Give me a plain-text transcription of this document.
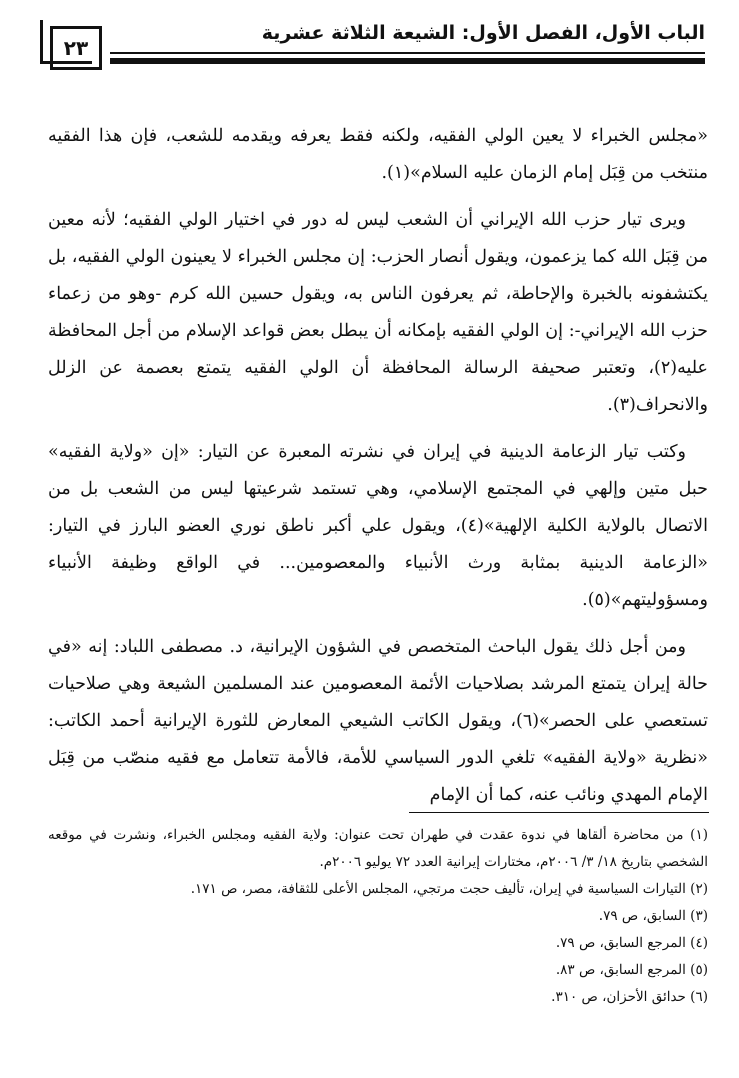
٢٣
الباب الأول، الفصل الأول: الشيعة الثلاثة عشرية

«مجلس الخبراء لا يعين الولي الفقيه، ولكنه فقط يعرفه ويقدمه للشعب، فإن هذا الفقيه منتخب من قِبَل إمام الزمان عليه السلام»(١).

ويرى تيار حزب الله الإيراني أن الشعب ليس له دور في اختيار الولي الفقيه؛ لأنه معين من قِبَل الله كما يزعمون، ويقول أنصار الحزب: إن مجلس الخبراء لا يعينون الولي الفقيه، بل يكتشفونه بالخبرة والإحاطة، ثم يعرفون الناس به، ويقول حسين الله كرم -وهو من زعماء حزب الله الإيراني-: إن الولي الفقيه بإمكانه أن يبطل بعض قواعد الإسلام من أجل المحافظة عليه(٢)، وتعتبر صحيفة الرسالة المحافظة أن الولي الفقيه يتمتع بعصمة عن الزلل والانحراف(٣).

وكتب تيار الزعامة الدينية في إيران في نشرته المعبرة عن التيار: «إن «ولاية الفقيه» حبل متين وإلهي في المجتمع الإسلامي، وهي تستمد شرعيتها ليس من الشعب بل من الاتصال بالولاية الكلية الإلهية»(٤)، ويقول علي أكبر ناطق نوري العضو البارز في التيار: «الزعامة الدينية بمثابة ورث الأنبياء والمعصومين... في الواقع وظيفة الأنبياء ومسؤوليتهم»(٥).

ومن أجل ذلك يقول الباحث المتخصص في الشؤون الإيرانية، د. مصطفى اللباد: إنه «في حالة إيران يتمتع المرشد بصلاحيات الأئمة المعصومين عند المسلمين الشيعة وهي صلاحيات تستعصي على الحصر»(٦)، ويقول الكاتب الشيعي المعارض للثورة الإيرانية أحمد الكاتب: «نظرية «ولاية الفقيه» تلغي الدور السياسي للأمة، فالأمة تتعامل مع فقيه منصّب من قِبَل الإمام المهدي ونائب عنه، كما أن الإمام

(١) من محاضرة ألقاها في ندوة عقدت في طهران تحت عنوان: ولاية الفقيه ومجلس الخبراء، ونشرت في موقعه الشخصي بتاريخ ١٨/ ٣/ ٢٠٠٦م، مختارات إيرانية العدد ٧٢ يوليو ٢٠٠٦م.

(٢) التيارات السياسية في إيران، تأليف حجت مرتجي، المجلس الأعلى للثقافة، مصر، ص ١٧١.

(٣) السابق، ص ٧٩.

(٤) المرجع السابق، ص ٧٩.

(٥) المرجع السابق، ص ٨٣.

(٦) حدائق الأحزان، ص ٣١٠.
